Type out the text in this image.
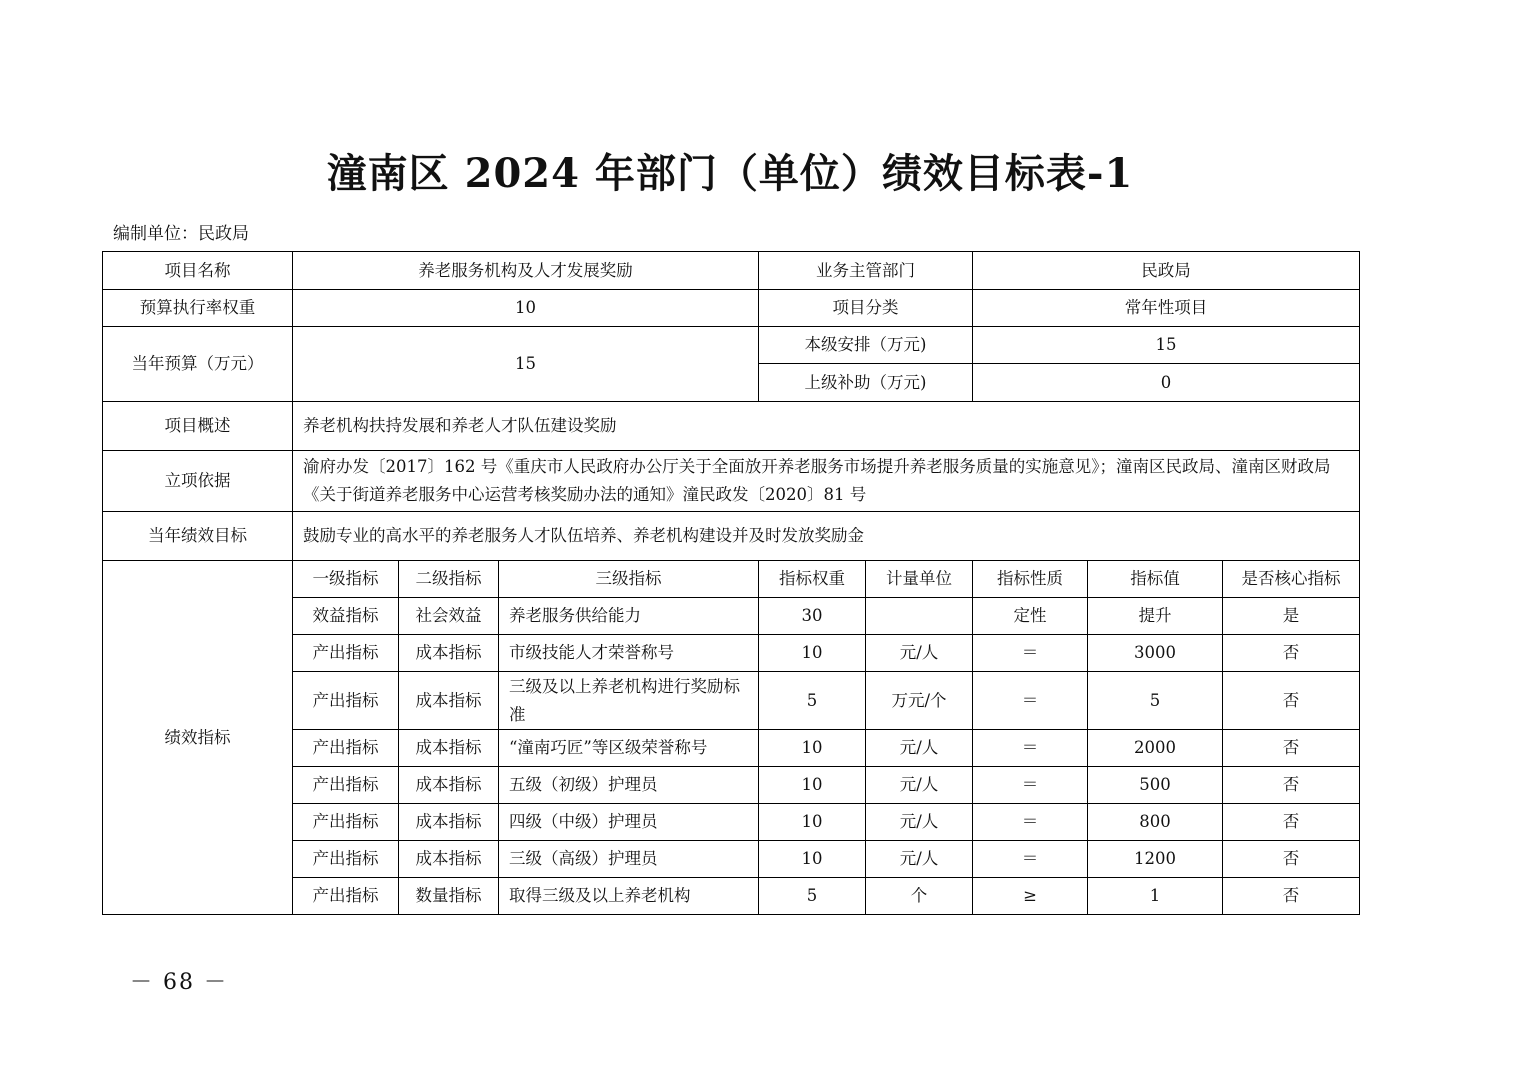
潼南区 2024 年部门（单位）绩效目标表-1
编制单位：民政局
项目名称	养老服务机构及人才发展奖励			业务主管部门		民政局		
预算执行率权重	10			项目分类		常年性项目		
当年预算（万元）	15			本级安排（万元)		15		
				上级补助（万元)		0		
项目概述	养老机构扶持发展和养老人才队伍建设奖励							
立项依据	渝府办发〔2017〕162 号《重庆市人民政府办公厅关于全面放开养老服务市场提升养老服务质量的实施意见》；潼南区民政局、潼南区财政局《关于街道养老服务中心运营考核奖励办法的通知》潼民政发〔2020〕81 号							
当年绩效目标	鼓励专业的高水平的养老服务人才队伍培养、养老机构建设并及时发放奖励金							
绩效指标	一级指标	二级指标	三级指标	指标权重	计量单位	指标性质	指标值	是否核心指标
	效益指标	社会效益	养老服务供给能力	30		定性	提升	是
	产出指标	成本指标	市级技能人才荣誉称号	10	元/人	＝	3000	否
	产出指标	成本指标	三级及以上养老机构进行奖励标准	5	万元/个	＝	5	否
	产出指标	成本指标	“潼南巧匠”等区级荣誉称号	10	元/人	＝	2000	否
	产出指标	成本指标	五级（初级）护理员	10	元/人	＝	500	否
	产出指标	成本指标	四级（中级）护理员	10	元/人	＝	800	否
	产出指标	成本指标	三级（高级）护理员	10	元/人	＝	1200	否
	产出指标	数量指标	取得三级及以上养老机构	5	个	≥	1	否
－ 68 －
